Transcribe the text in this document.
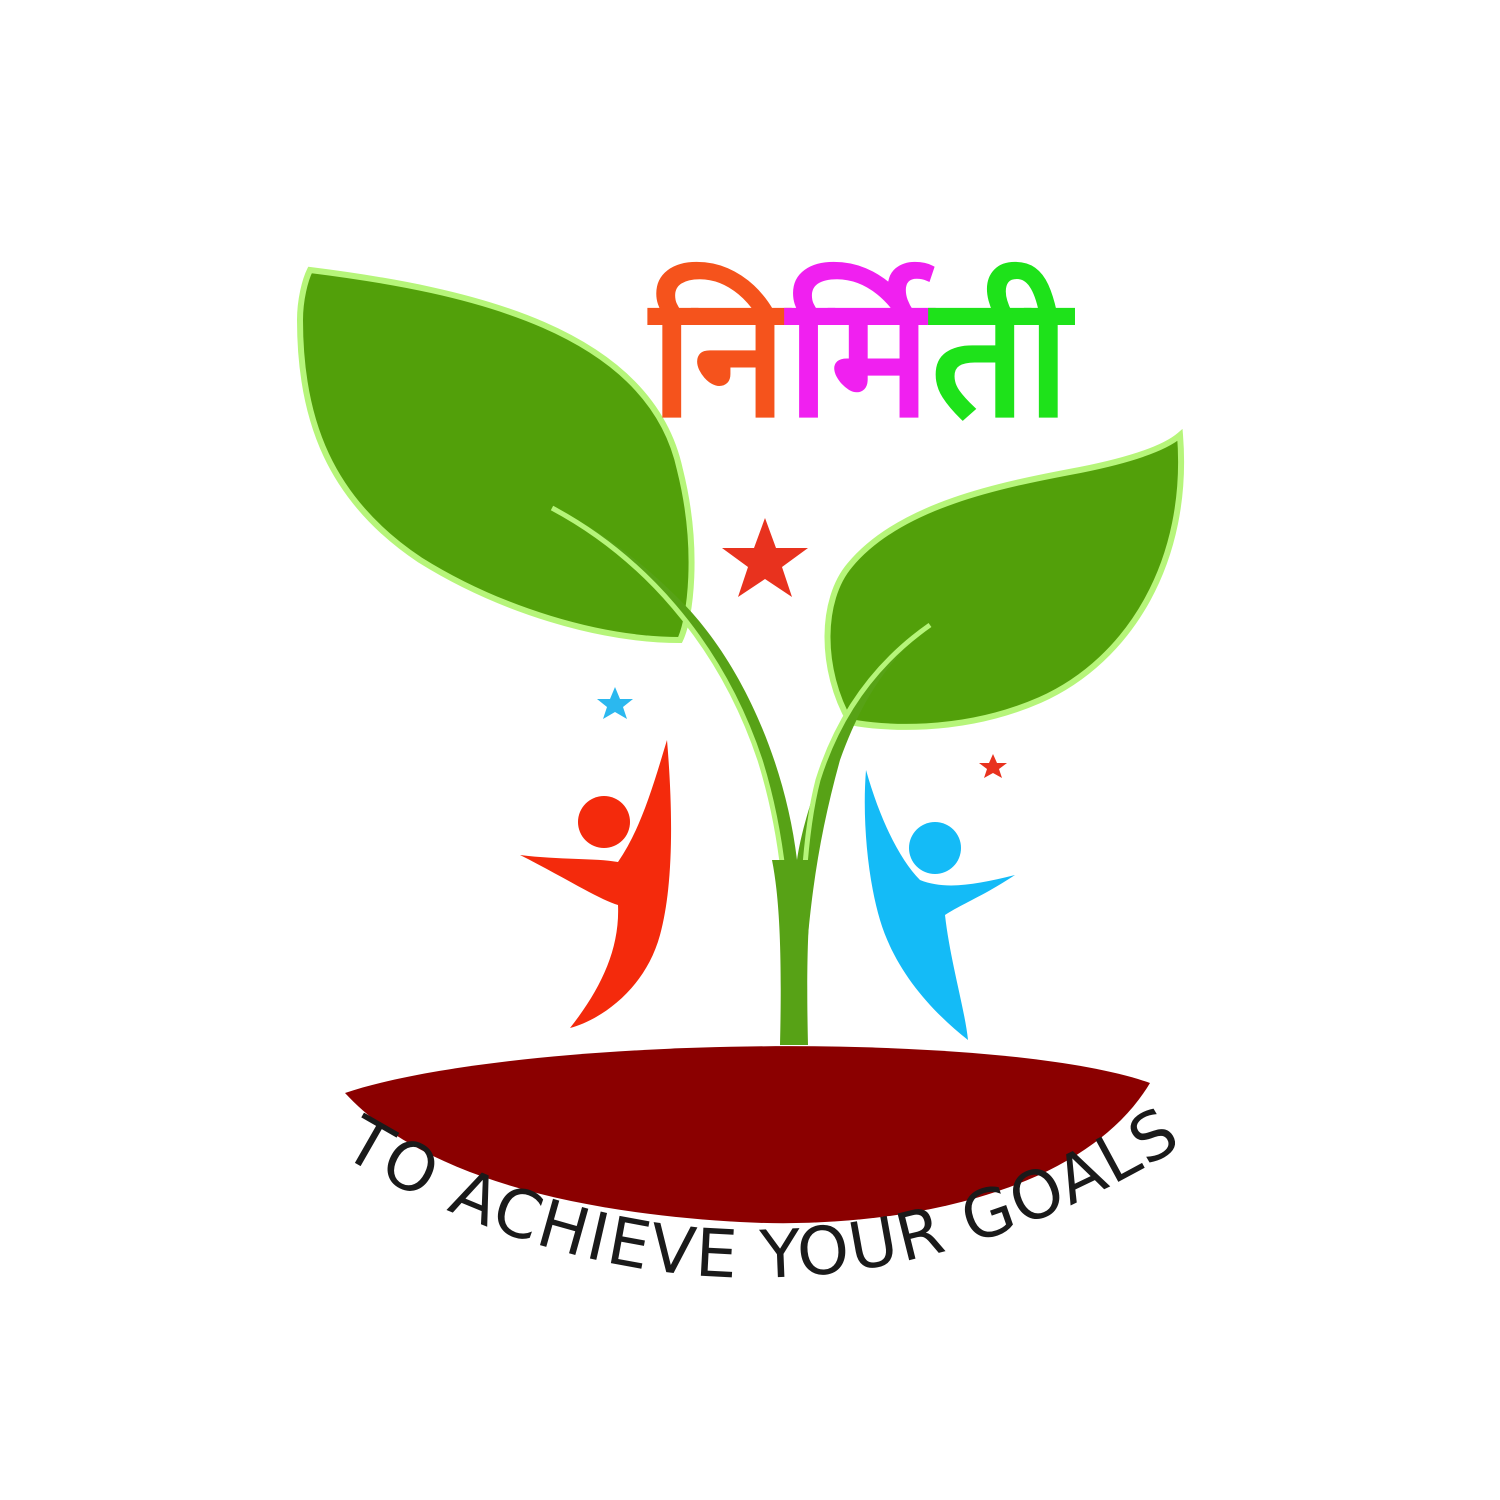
निर्मिती
TO ACHIEVE YOUR GOALS
